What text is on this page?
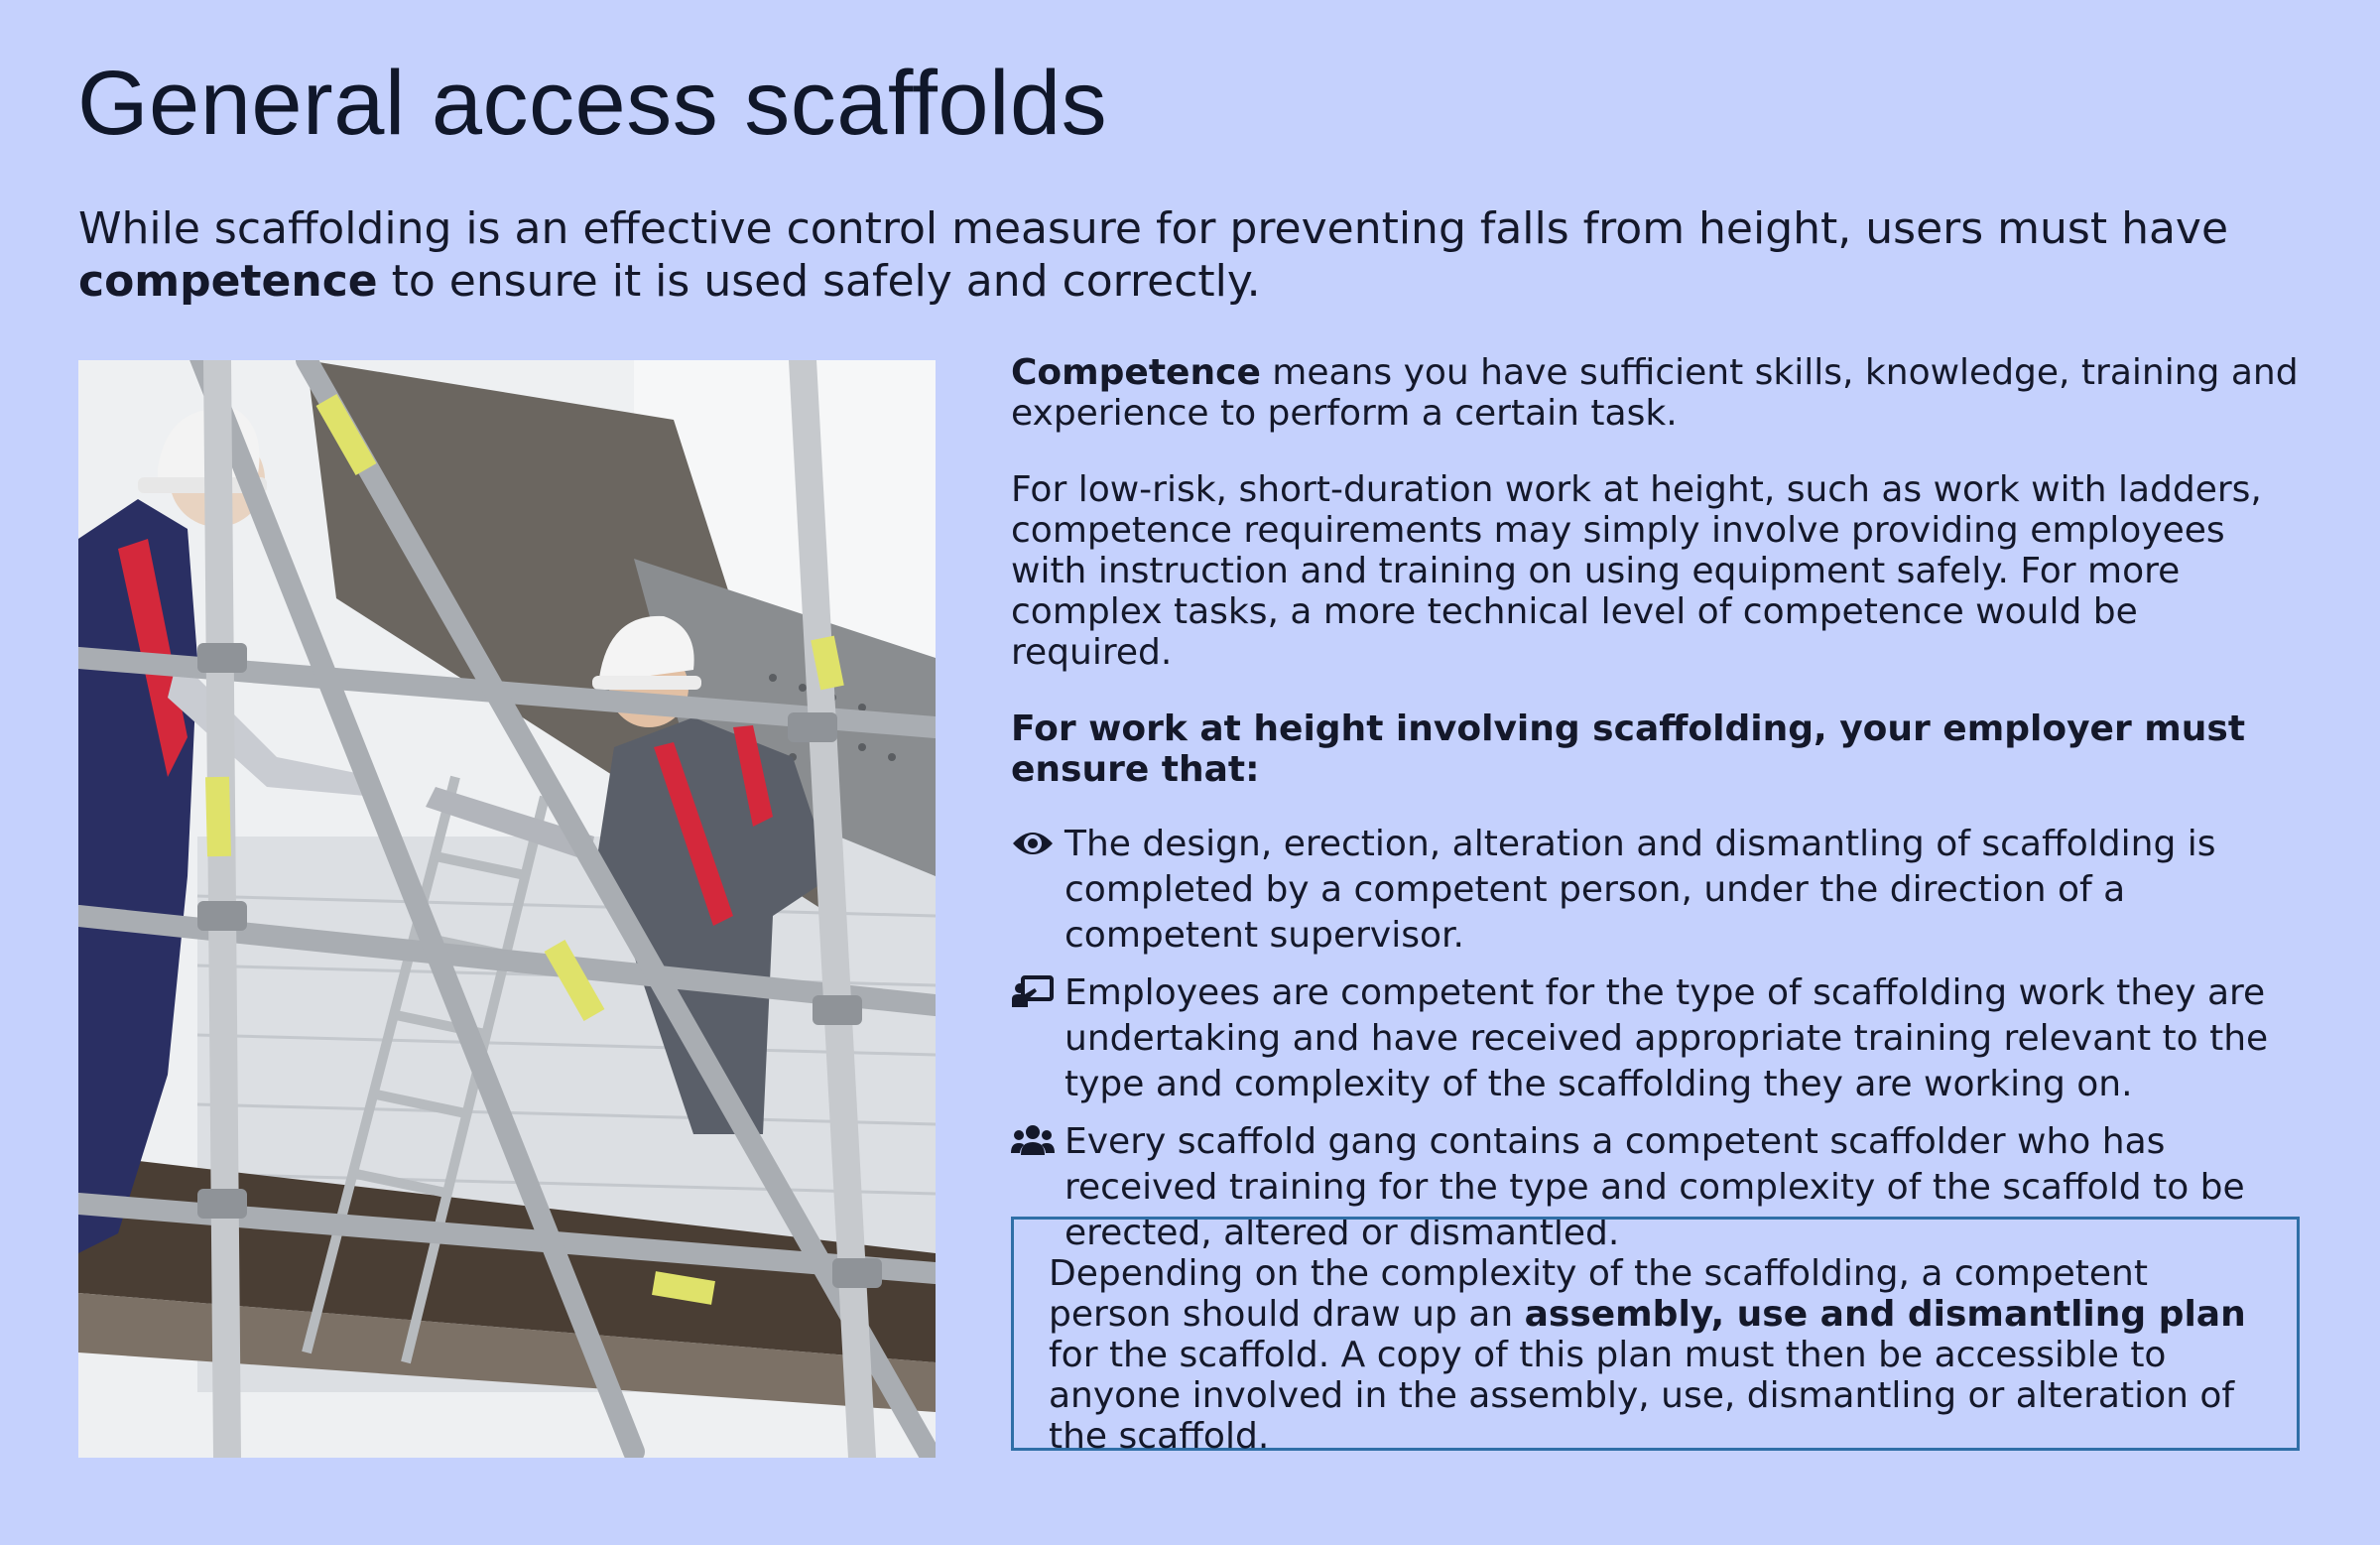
General access scaffolds

While scaffolding is an effective control measure for preventing falls from height, users must have competence to ensure it is used safely and correctly.

Competence means you have sufficient skills, knowledge, training and experience to perform a certain task.

For low-risk, short-duration work at height, such as work with ladders, competence requirements may simply involve providing employees with instruction and training on using equipment safely. For more complex tasks, a more technical level of competence would be required.

For work at height involving scaffolding, your employer must ensure that:

The design, erection, alteration and dismantling of scaffolding is completed by a competent person, under the direction of a competent supervisor.
Employees are competent for the type of scaffolding work they are undertaking and have received appropriate training relevant to the type and complexity of the scaffolding they are working on.
Every scaffold gang contains a competent scaffolder who has received training for the type and complexity of the scaffold to be erected, altered or dismantled.

Depending on the complexity of the scaffolding, a competent person should draw up an assembly, use and dismantling plan for the scaffold. A copy of this plan must then be accessible to anyone involved in the assembly, use, dismantling or alteration of the scaffold.
